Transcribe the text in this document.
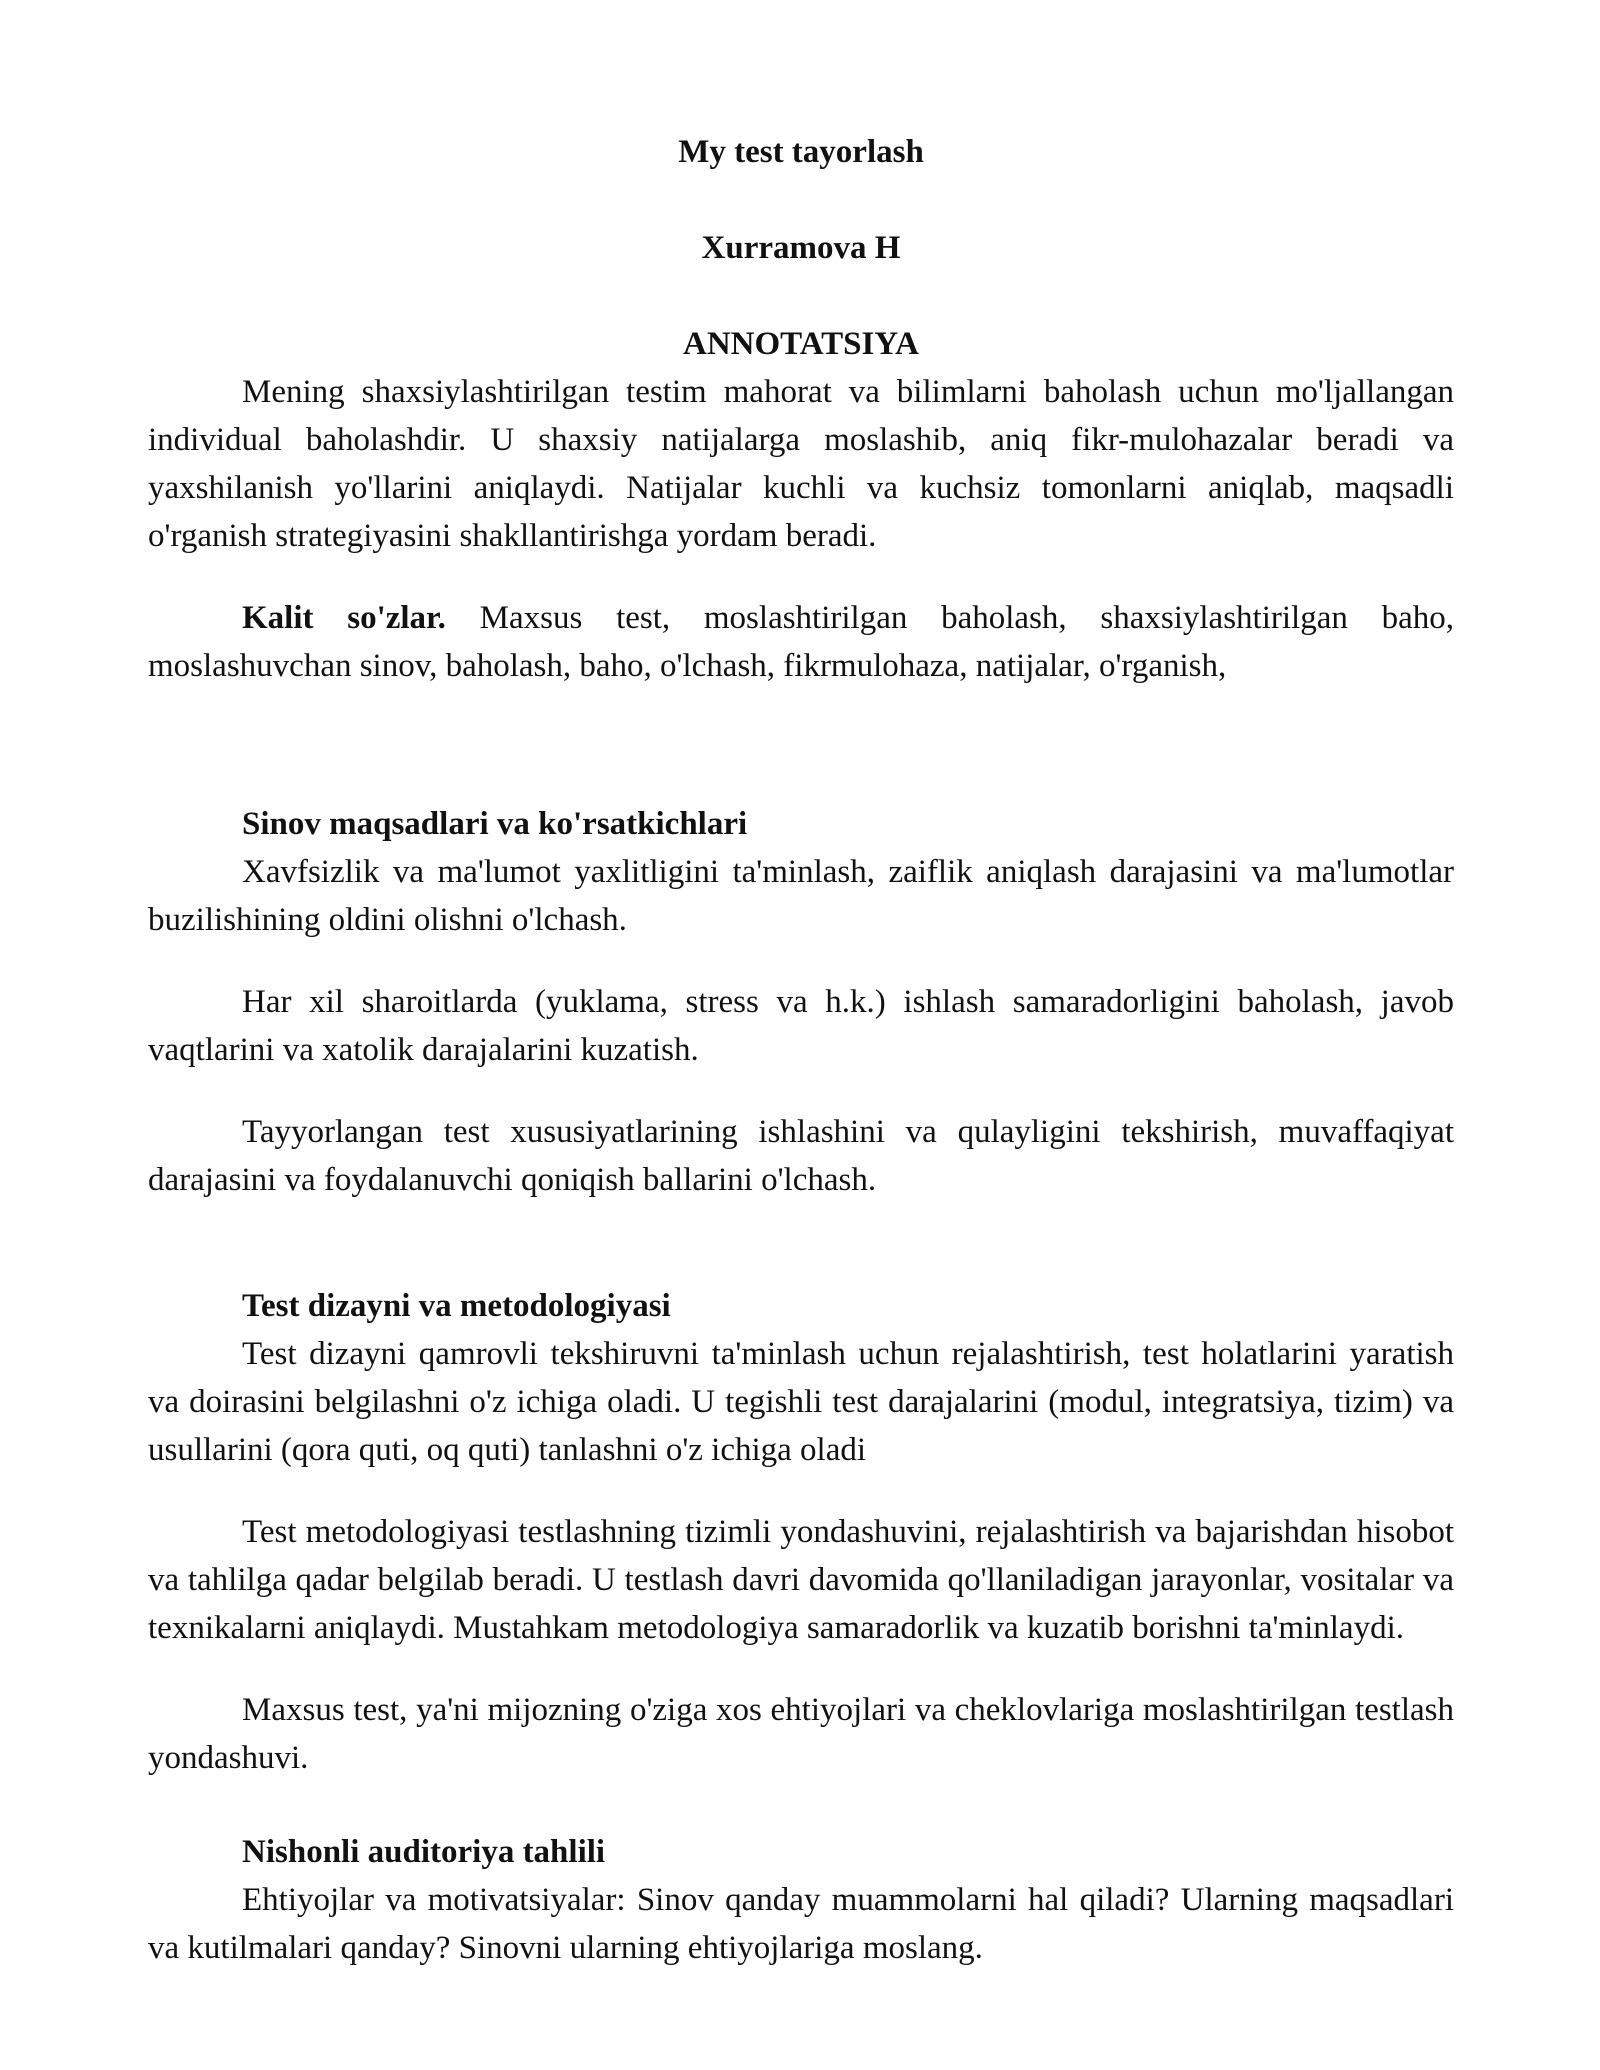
My test tayorlash
Xurramova H
ANNOTATSIYA

Mening shaxsiylashtirilgan testim mahorat va bilimlarni baholash uchun mo'ljallangan individual baholashdir. U shaxsiy natijalarga moslashib, aniq fikr-mulohazalar beradi va yaxshilanish yo'llarini aniqlaydi. Natijalar kuchli va kuchsiz tomonlarni aniqlab, maqsadli o'rganish strategiyasini shakllantirishga yordam beradi.

Kalit so'zlar. Maxsus test, moslashtirilgan baholash, shaxsiylashtirilgan baho, moslashuvchan sinov, baholash, baho, o'lchash, fikrmulohaza, natijalar, o'rganish,

Sinov maqsadlari va ko'rsatkichlari

Xavfsizlik va ma'lumot yaxlitligini ta'minlash, zaiflik aniqlash darajasini va ma'lumotlar buzilishining oldini olishni o'lchash.

Har xil sharoitlarda (yuklama, stress va h.k.) ishlash samaradorligini baholash, javob vaqtlarini va xatolik darajalarini kuzatish.

Tayyorlangan test xususiyatlarining ishlashini va qulayligini tekshirish, muvaffaqiyat darajasini va foydalanuvchi qoniqish ballarini o'lchash.

Test dizayni va metodologiyasi

Test dizayni qamrovli tekshiruvni ta'minlash uchun rejalashtirish, test holatlarini yaratish va doirasini belgilashni o'z ichiga oladi. U tegishli test darajalarini (modul, integratsiya, tizim) va usullarini (qora quti, oq quti) tanlashni o'z ichiga oladi

Test metodologiyasi testlashning tizimli yondashuvini, rejalashtirish va bajarishdan hisobot va tahlilga qadar belgilab beradi. U testlash davri davomida qo'llaniladigan jarayonlar, vositalar va texnikalarni aniqlaydi. Mustahkam metodologiya samaradorlik va kuzatib borishni ta'minlaydi.

Maxsus test, ya'ni mijozning o'ziga xos ehtiyojlari va cheklovlariga moslashtirilgan testlash yondashuvi.

Nishonli auditoriya tahlili

Ehtiyojlar va motivatsiyalar: Sinov qanday muammolarni hal qiladi? Ularning maqsadlari va kutilmalari qanday? Sinovni ularning ehtiyojlariga moslang.
